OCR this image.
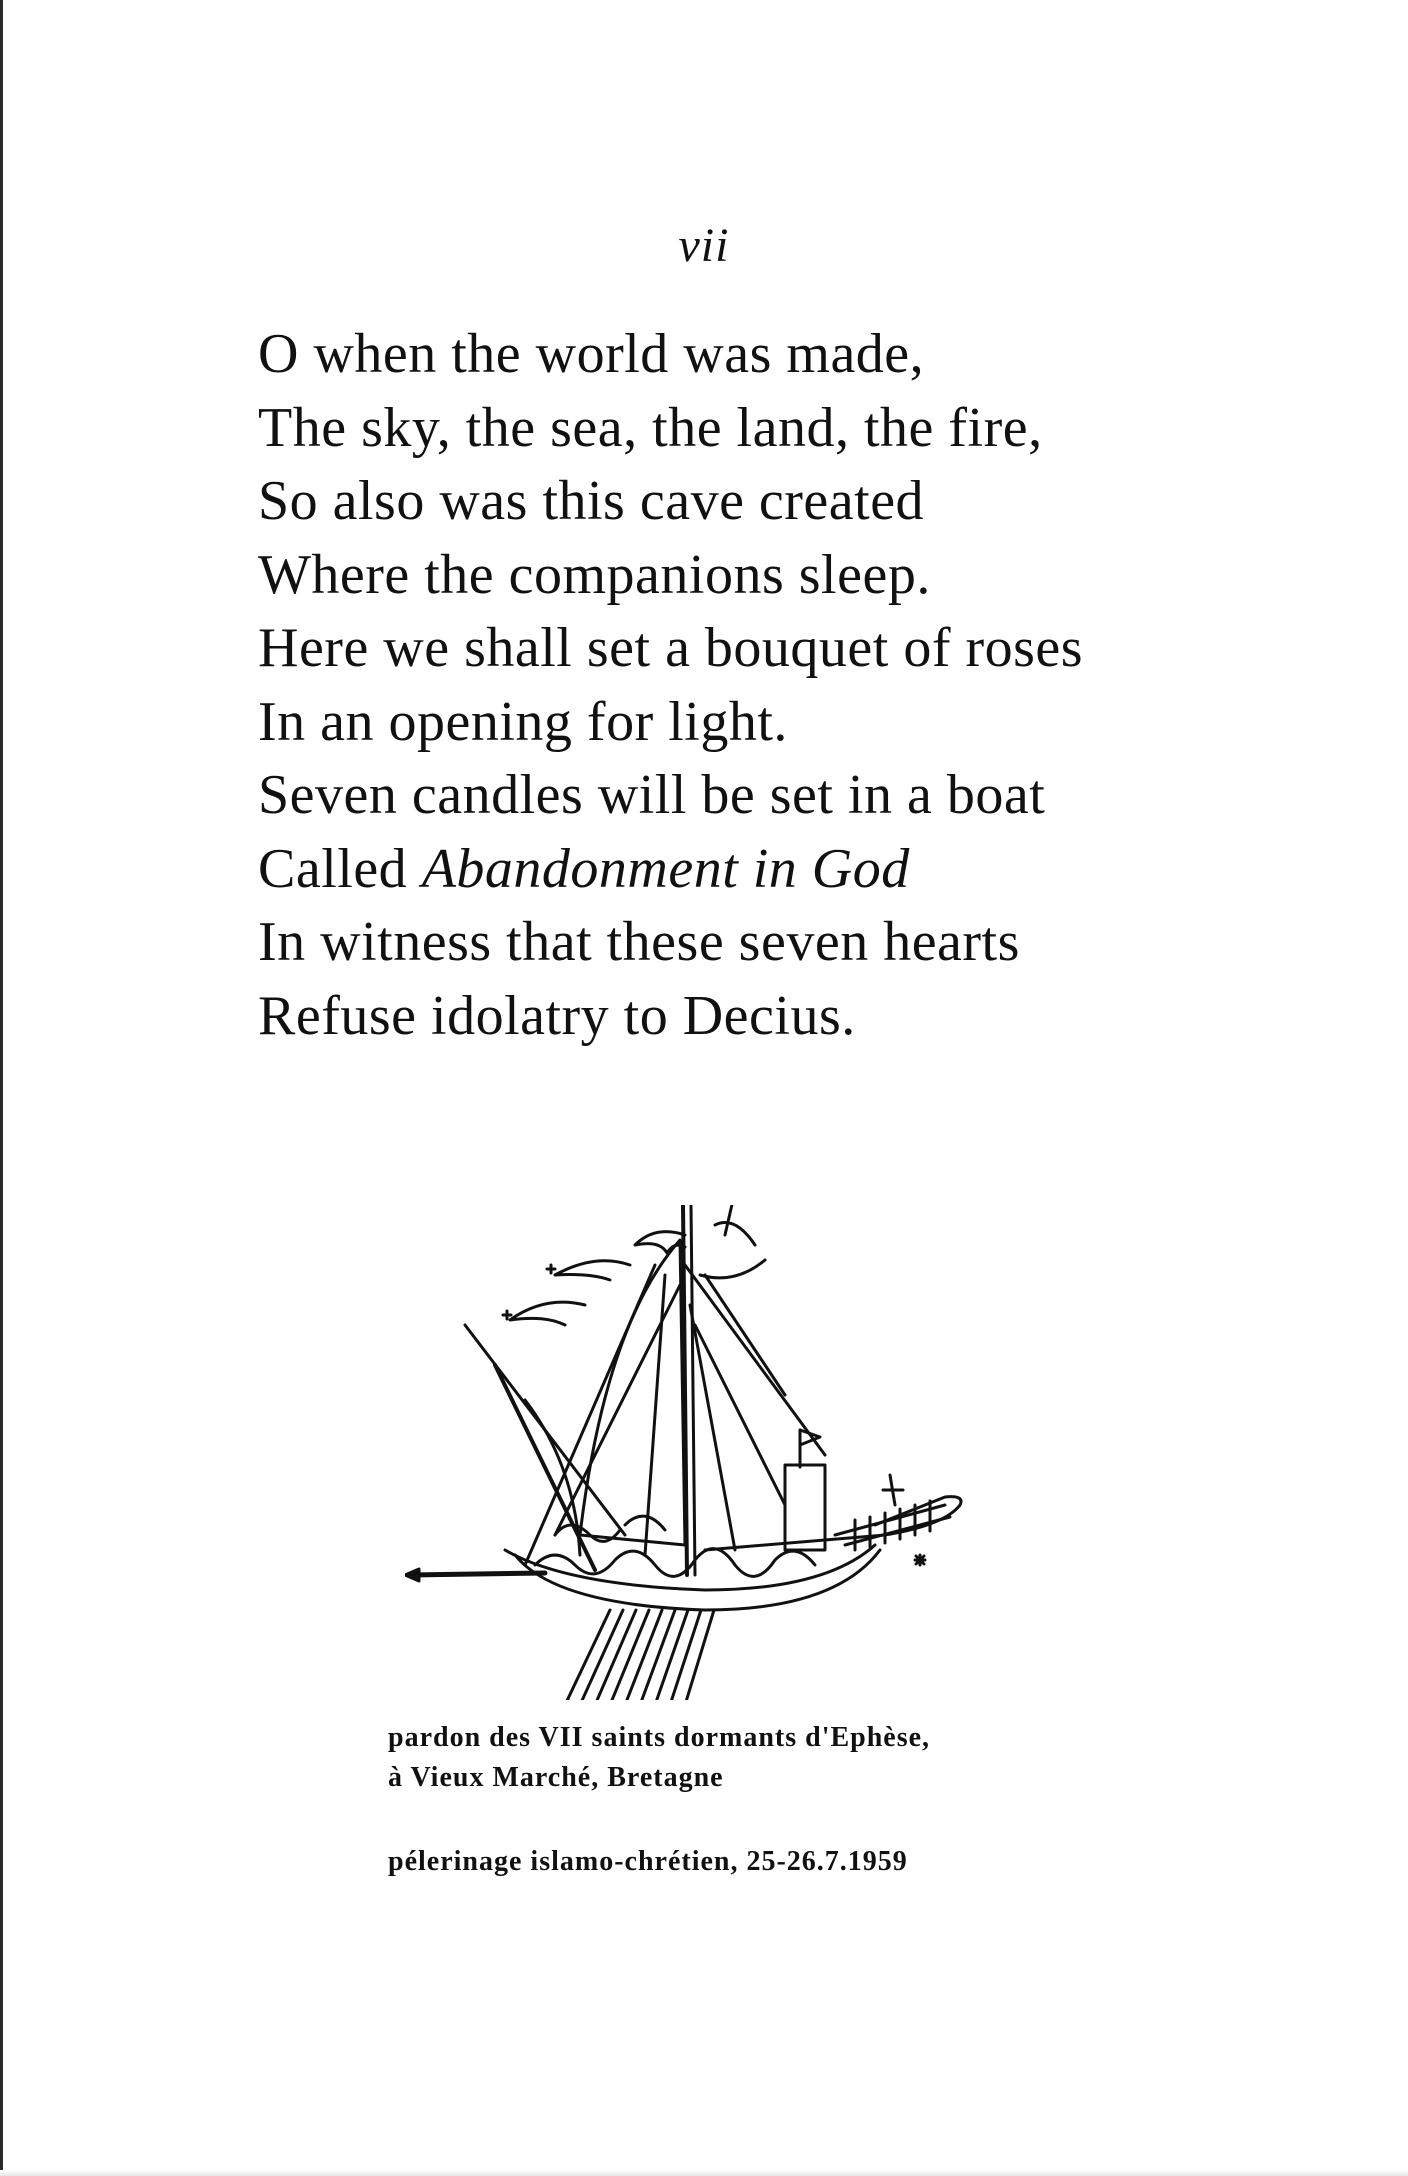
vii
O when the world was made,
The sky, the sea, the land, the fire,
So also was this cave created
Where the companions sleep.
Here we shall set a bouquet of roses
In an opening for light.
Seven candles will be set in a boat
Called Abandonment in God
In witness that these seven hearts
Refuse idolatry to Decius.
pardon des VII saints dormants d'Ephèse,
à Vieux Marché, Bretagne
pélerinage islamo-chrétien, 25-26.7.1959
